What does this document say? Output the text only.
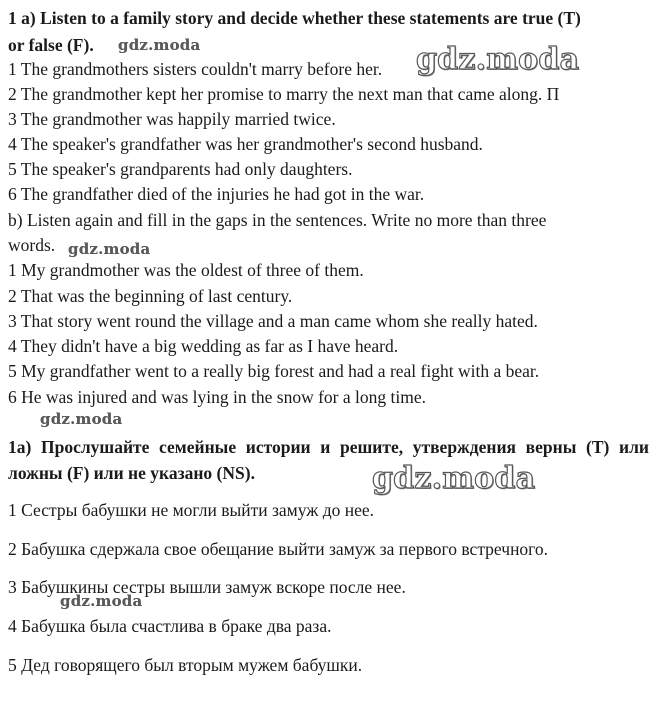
1 a) Listen to a family story and decide whether these statements are true (T)
or false (F).
1 The grandmothers sisters couldn't marry before her.
2 The grandmother kept her promise to marry the next man that came along. П
3 The grandmother was happily married twice.
4 The speaker's grandfather was her grandmother's second husband.
5 The speaker's grandparents had only daughters.
6 The grandfather died of the injuries he had got in the war.
b) Listen again and fill in the gaps in the sentences. Write no more than three
words.
1 My grandmother was the oldest of three of them.
2 That was the beginning of last century.
3 That story went round the village and a man came whom she really hated.
4 They didn't have a big wedding as far as I have heard.
5 My grandfather went to a really big forest and had a real fight with a bear.
6 He was injured and was lying in the snow for a long time.
1а) Прослушайте семейные истории и решите, утверждения верны (Т) или ложны (F) или не указано (NS).
1 Сестры бабушки не могли выйти замуж до нее.
2 Бабушка сдержала свое обещание выйти замуж за первого встречного.
3 Бабушкины сестры вышли замуж вскоре после нее.
4 Бабушка была счастлива в браке два раза.
5 Дед говорящего был вторым мужем бабушки.
gdz.moda	gdz.moda
gdz.moda
gdz.moda
gdz.moda
gdz.moda
